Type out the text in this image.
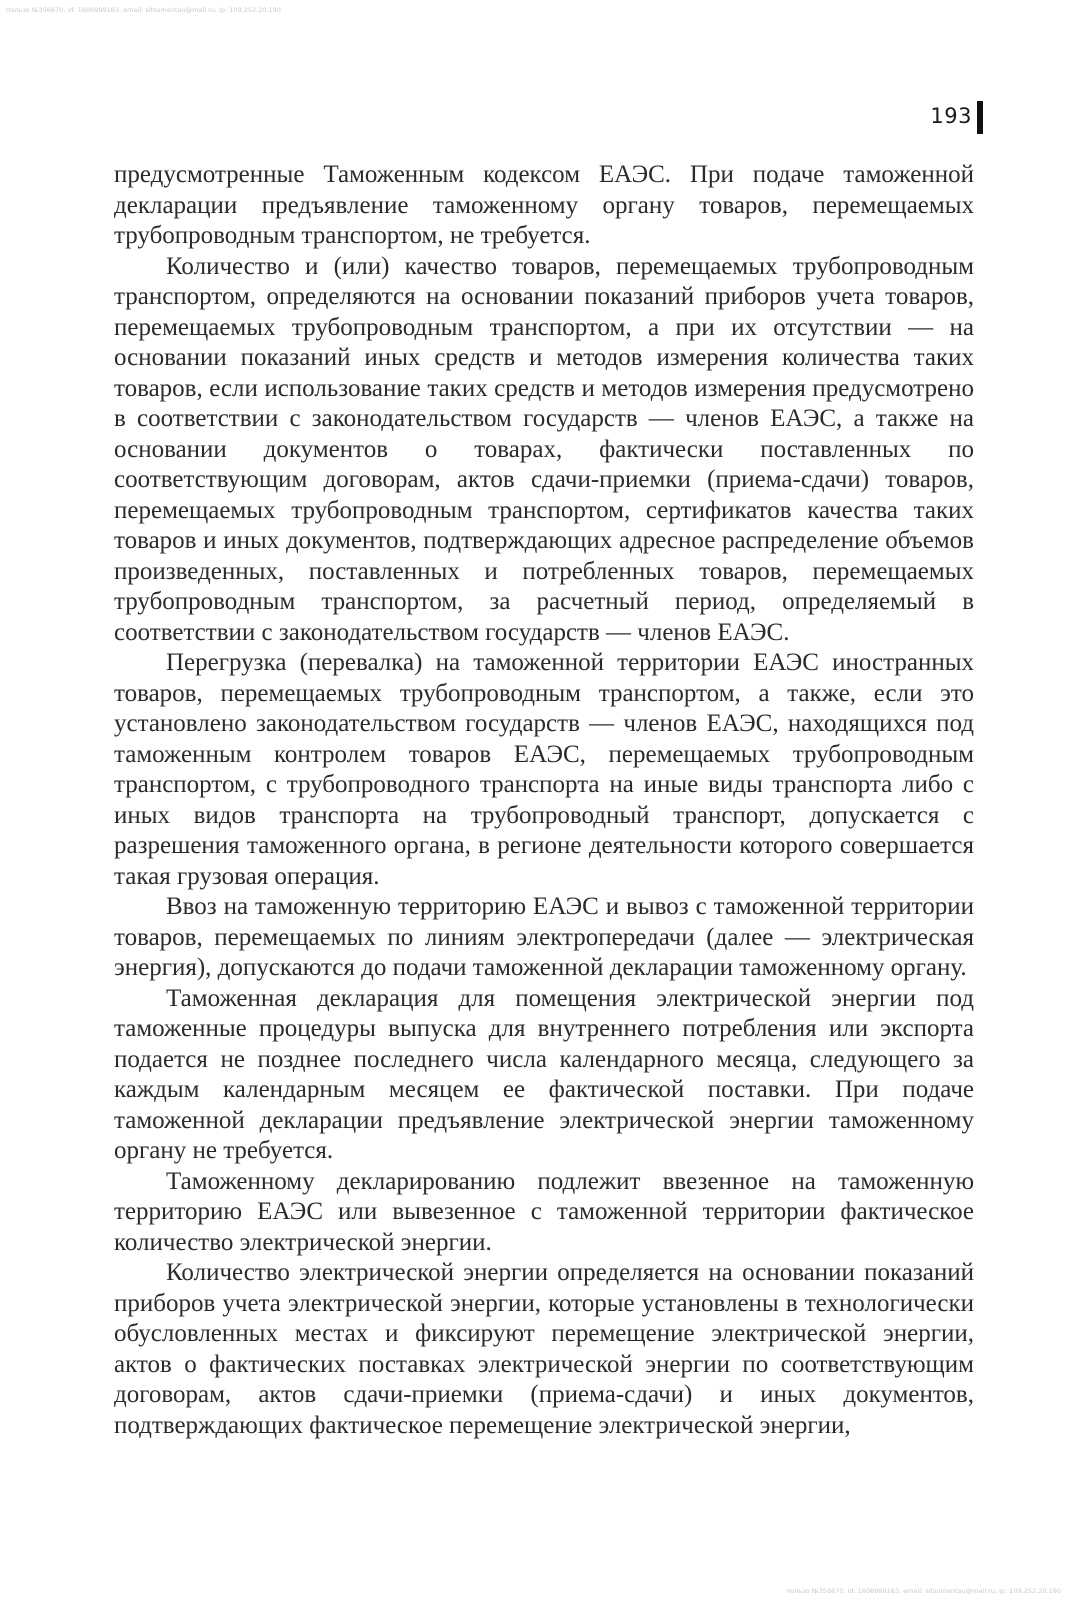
пользо №356670, id: 1606999163, email: sitsumentau@mail.ru, ip: 109.252.20.190
193

предусмотренные Таможенным кодексом ЕАЭС. При подаче таможенной декларации предъявление таможенному органу товаров, перемещаемых трубопроводным транспортом, не требуется.

Количество и (или) качество товаров, перемещаемых трубопроводным транспортом, определяются на основании показаний приборов учета товаров, перемещаемых трубопроводным транспортом, а при их отсутствии — на основании показаний иных средств и методов измерения количества таких товаров, если использование таких средств и методов измерения предусмотрено в соответствии с законодательством государств — членов ЕАЭС, а также на основании документов о товарах, фактически поставленных по соответствующим договорам, актов сдачи-приемки (приема-сдачи) товаров, перемещаемых трубопроводным транспортом, сертификатов качества таких товаров и иных документов, подтверждающих адресное распределение объемов произведенных, поставленных и потребленных товаров, перемещаемых трубопроводным транспортом, за расчетный период, определяемый в соответствии с законодательством государств — членов ЕАЭС.

Перегрузка (перевалка) на таможенной территории ЕАЭС иностранных товаров, перемещаемых трубопроводным транспортом, а также, если это установлено законодательством государств — членов ЕАЭС, находящихся под таможенным контролем товаров ЕАЭС, перемещаемых трубопроводным транспортом, с трубопроводного транспорта на иные виды транспорта либо с иных видов транспорта на трубопроводный транспорт, допускается с разрешения таможенного органа, в регионе деятельности которого совершается такая грузовая операция.

Ввоз на таможенную территорию ЕАЭС и вывоз с таможенной территории товаров, перемещаемых по линиям электропередачи (далее — электрическая энергия), допускаются до подачи таможенной декларации таможенному органу.

Таможенная декларация для помещения электрической энергии под таможенные процедуры выпуска для внутреннего потребления или экспорта подается не позднее последнего числа календарного месяца, следующего за каждым календарным месяцем ее фактической поставки. При подаче таможенной декларации предъявление электрической энергии таможенному органу не требуется.

Таможенному декларированию подлежит ввезенное на таможенную территорию ЕАЭС или вывезенное с таможенной территории фактическое количество электрической энергии.

Количество электрической энергии определяется на основании показаний приборов учета электрической энергии, которые установлены в технологически обусловленных местах и фиксируют перемещение электрической энергии, актов о фактических поставках электрической энергии по соответствующим договорам, актов сдачи-приемки (приема-сдачи) и иных документов, подтверждающих фактическое перемещение электрической энергии,

пользо №356670, id: 1606999163, email: sitsumentau@mail.ru, ip: 109.252.20.190
